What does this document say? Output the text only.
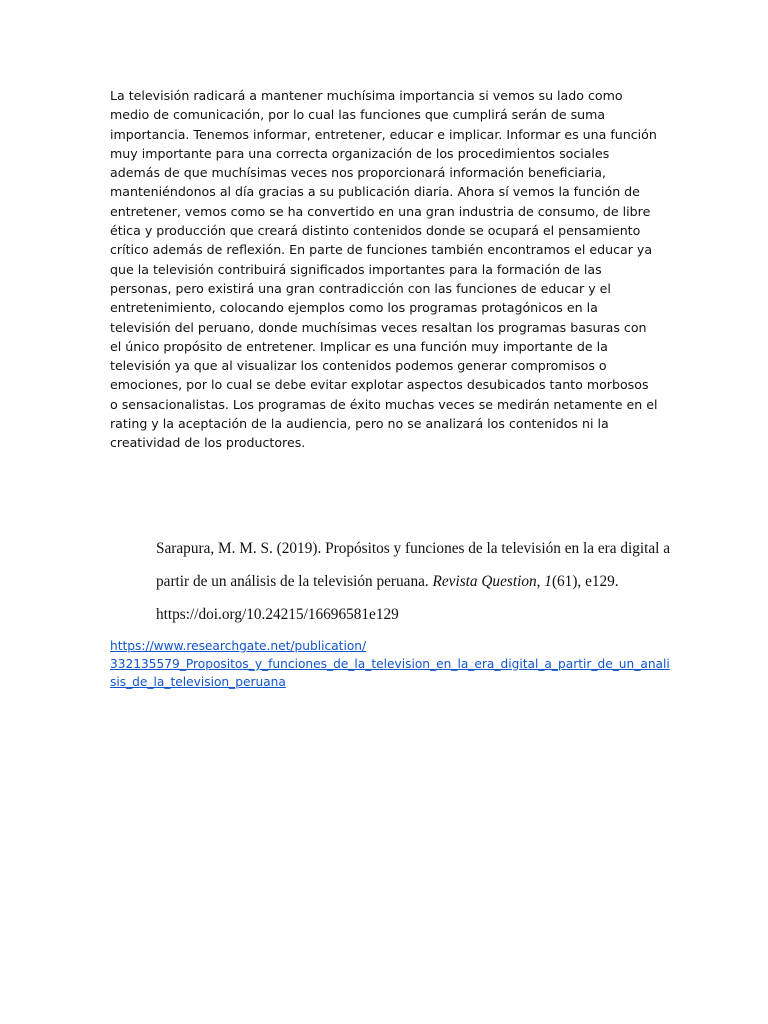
La televisión radicará a mantener muchísima importancia si vemos su lado como medio de comunicación, por lo cual las funciones que cumplirá serán de suma importancia. Tenemos informar, entretener, educar e implicar. Informar es una función muy importante para una correcta organización de los procedimientos sociales además de que muchísimas veces nos proporcionará información beneficiaria, manteniéndonos al día gracias a su publicación diaria. Ahora sí vemos la función de entretener, vemos como se ha convertido en una gran industria de consumo, de libre ética y producción que creará distinto contenidos donde se ocupará el pensamiento crítico además de reflexión. En parte de funciones también encontramos el educar ya que la televisión contribuirá significados importantes para la formación de las personas, pero existirá una gran contradicción con las funciones de educar y el entretenimiento, colocando ejemplos como los programas protagónicos en la televisión del peruano, donde muchísimas veces resaltan los programas basuras con el único propósito de entretener. Implicar es una función muy importante de la televisión ya que al visualizar los contenidos podemos generar compromisos o emociones, por lo cual se debe evitar explotar aspectos desubicados tanto morbosos o sensacionalistas. Los programas de éxito muchas veces se medirán netamente en el rating y la aceptación de la audiencia, pero no se analizará los contenidos ni la creatividad de los productores.

Sarapura, M. M. S. (2019). Propósitos y funciones de la televisión en la era digital a partir de un análisis de la televisión peruana. Revista Question, 1(61), e129. https://doi.org/10.24215/16696581e129

https://www.researchgate.net/publication/
332135579_Propositos_y_funciones_de_la_television_en_la_era_digital_a_partir_de_un_anali
sis_de_la_television_peruana
